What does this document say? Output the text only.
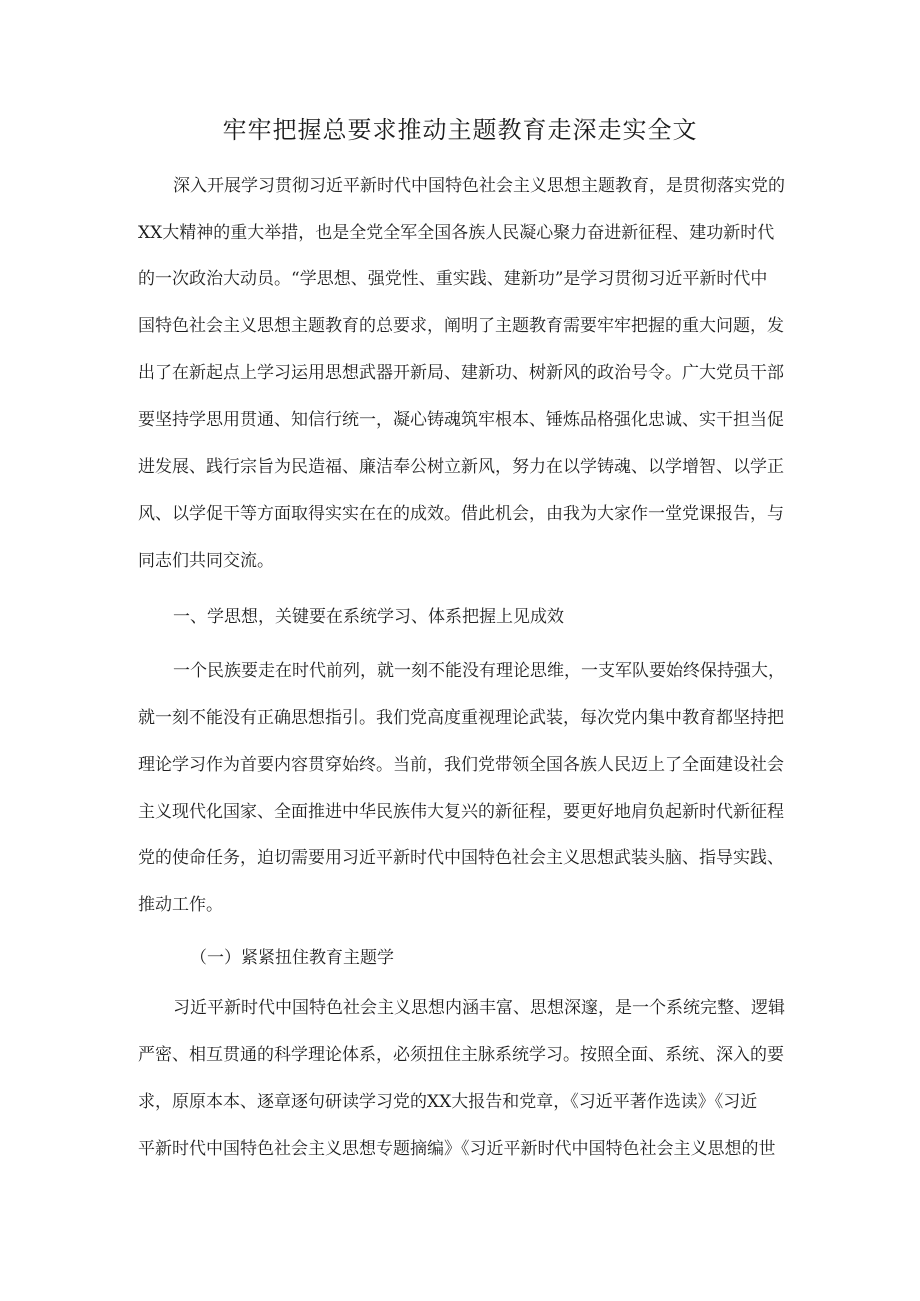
牢牢把握总要求推动主题教育走深走实全文

深入开展学习贯彻习近平新时代中国特色社会主义思想主题教育，是贯彻落实党的

XX大精神的重大举措，也是全党全军全国各族人民凝心聚力奋进新征程、建功新时代

的一次政治大动员。“学思想、强党性、重实践、建新功”是学习贯彻习近平新时代中

国特色社会主义思想主题教育的总要求，阐明了主题教育需要牢牢把握的重大问题，发

出了在新起点上学习运用思想武器开新局、建新功、树新风的政治号令。广大党员干部

要坚持学思用贯通、知信行统一，凝心铸魂筑牢根本、锤炼品格强化忠诚、实干担当促

进发展、践行宗旨为民造福、廉洁奉公树立新风，努力在以学铸魂、以学增智、以学正

风、以学促干等方面取得实实在在的成效。借此机会，由我为大家作一堂党课报告，与

同志们共同交流。

一、学思想，关键要在系统学习、体系把握上见成效

一个民族要走在时代前列，就一刻不能没有理论思维，一支军队要始终保持强大，

就一刻不能没有正确思想指引。我们党高度重视理论武装，每次党内集中教育都坚持把

理论学习作为首要内容贯穿始终。当前，我们党带领全国各族人民迈上了全面建设社会

主义现代化国家、全面推进中华民族伟大复兴的新征程，要更好地肩负起新时代新征程

党的使命任务，迫切需要用习近平新时代中国特色社会主义思想武装头脑、指导实践、

推动工作。

（一）紧紧扭住教育主题学

习近平新时代中国特色社会主义思想内涵丰富、思想深邃，是一个系统完整、逻辑

严密、相互贯通的科学理论体系，必须扭住主脉系统学习。按照全面、系统、深入的要

求，原原本本、逐章逐句研读学习党的XX大报告和党章，《习近平著作选读》《习近

平新时代中国特色社会主义思想专题摘编》《习近平新时代中国特色社会主义思想的世
